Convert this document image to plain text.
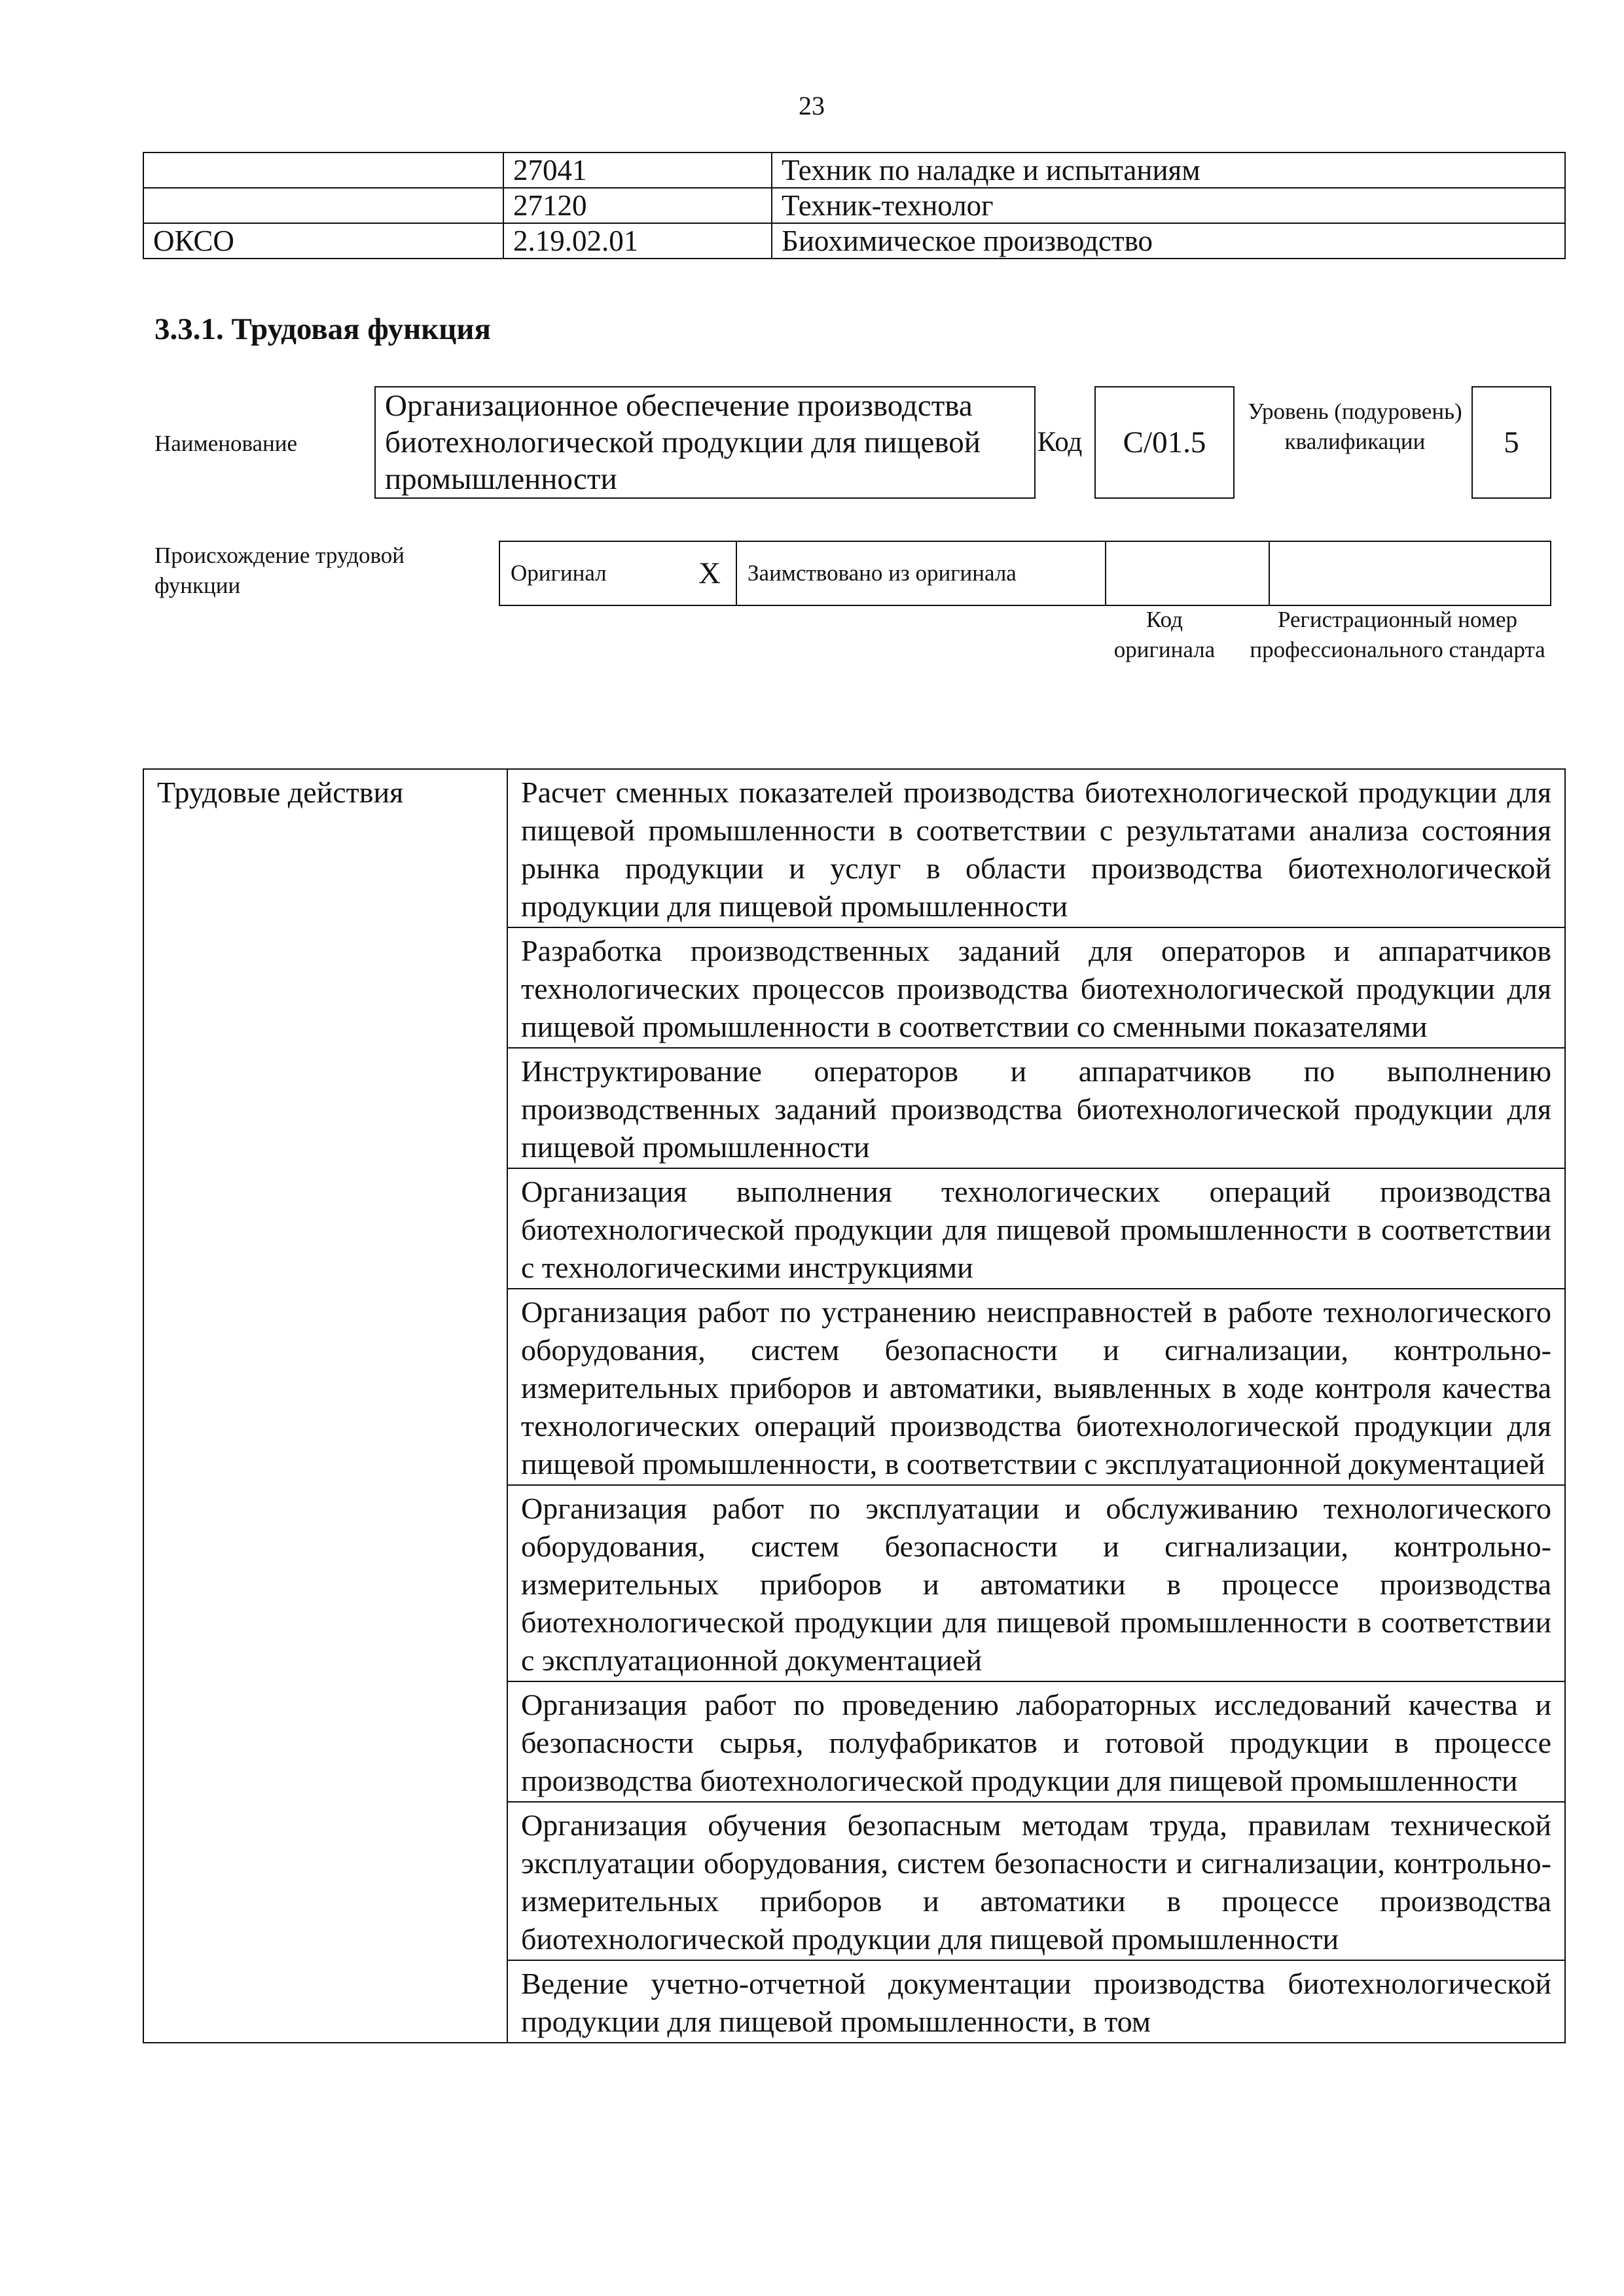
23
	27041	Техник по наладке и испытаниям
	27120	Техник-технолог
ОКСО	2.19.02.01	Биохимическое производство
3.3.1. Трудовая функция
Наименование
Организационное обеспечение производства биотехнологической продукции для пищевой промышленности
Код	C/01.5
Уровень (подуровень) квалификации	5
Происхождение трудовой функции	Оригинал	X	Заимствовано из оригинала		
Код оригинала
Регистрационный номер профессионального стандарта
Трудовые действия	Расчет сменных показателей производства биотехнологической продукции для пищевой промышленности в соответствии с результатами анализа состояния рынка продукции и услуг в области производства биотехнологической продукции для пищевой промышленности
Разработка производственных заданий для операторов и аппаратчиков технологических процессов производства биотехнологической продукции для пищевой промышленности в соответствии со сменными показателями
Инструктирование операторов и аппаратчиков по выполнению производственных заданий производства биотехнологической продукции для пищевой промышленности
Организация выполнения технологических операций производства биотехнологической продукции для пищевой промышленности в соответствии с технологическими инструкциями
Организация работ по устранению неисправностей в работе технологического оборудования, систем безопасности и сигнализации, контрольно-измерительных приборов и автоматики, выявленных в ходе контроля качества технологических операций производства биотехнологической продукции для пищевой промышленности, в соответствии с эксплуатационной документацией
Организация работ по эксплуатации и обслуживанию технологического оборудования, систем безопасности и сигнализации, контрольно-измерительных приборов и автоматики в процессе производства биотехнологической продукции для пищевой промышленности в соответствии с эксплуатационной документацией
Организация работ по проведению лабораторных исследований качества и безопасности сырья, полуфабрикатов и готовой продукции в процессе производства биотехнологической продукции для пищевой промышленности
Организация обучения безопасным методам труда, правилам технической эксплуатации оборудования, систем безопасности и сигнализации, контрольно-измерительных приборов и автоматики в процессе производства биотехнологической продукции для пищевой промышленности
Ведение учетно-отчетной документации производства биотехнологической продукции для пищевой промышленности, в том
